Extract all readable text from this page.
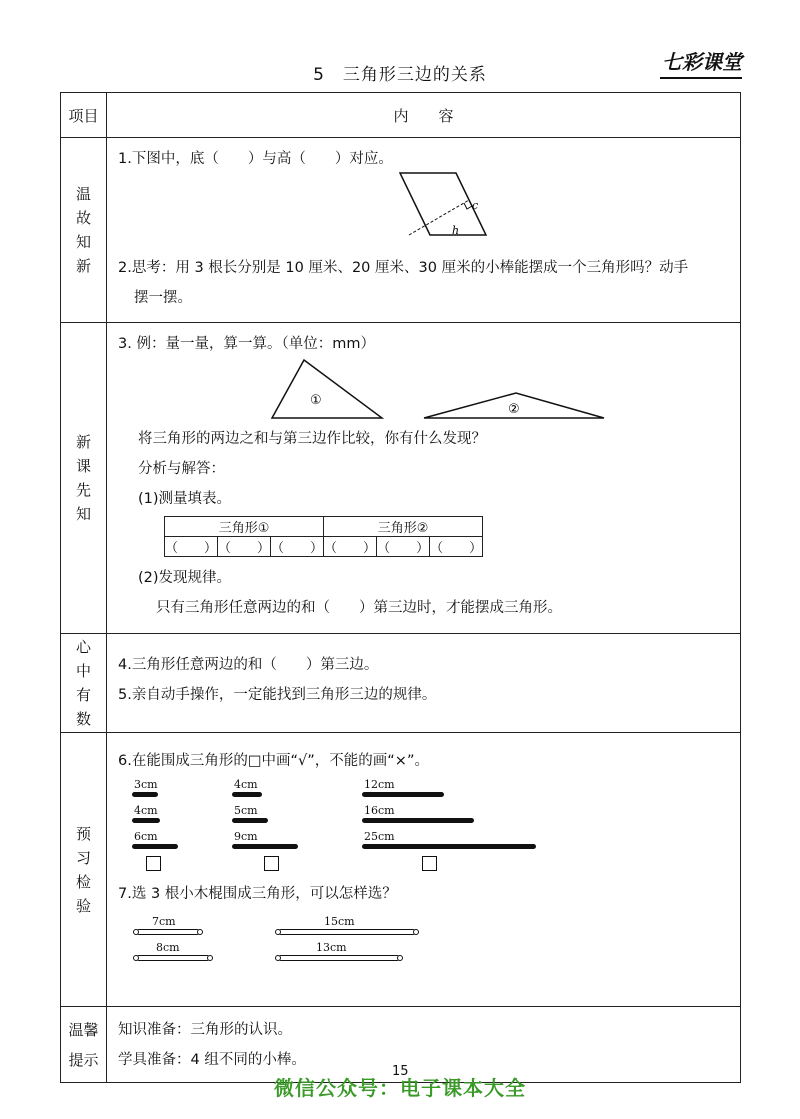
5　三角形三边的关系
七彩课堂
项目	内　　容
温故知新	
1.下图中，底（　　）与高（　　）对应。
c
h
2.思考：用 3 根长分别是 10 厘米、20 厘米、30 厘米的小棒能摆成一个三角形吗？动手
摆一摆。

新课先知	
3. 例：量一量，算一算。（单位：mm）
①
②
将三角形的两边之和与第三边作比较，你有什么发现？
分析与解答：
(1)测量填表。
三角形①	三角形②
（　　）	（　　）	（　　）	（　　）	（　　）	（　　）
(2)发现规律。
只有三角形任意两边的和（　　）第三边时，才能摆成三角形。

心中有数	
4.三角形任意两边的和（　　）第三边。
5.亲自动手操作，一定能找到三角形三边的规律。

预习检验	
6.在能围成三角形的□中画“√”，不能的画“×”。
3cm
4cm
6cm
4cm
5cm
9cm
12cm
16cm
25cm
7.选 3 根小木棍围成三角形，可以怎样选？
7cm
8cm
15cm
13cm

温馨提示	
知识准备：三角形的认识。
学具准备：4 组不同的小棒。
15
微信公众号：电子课本大全
